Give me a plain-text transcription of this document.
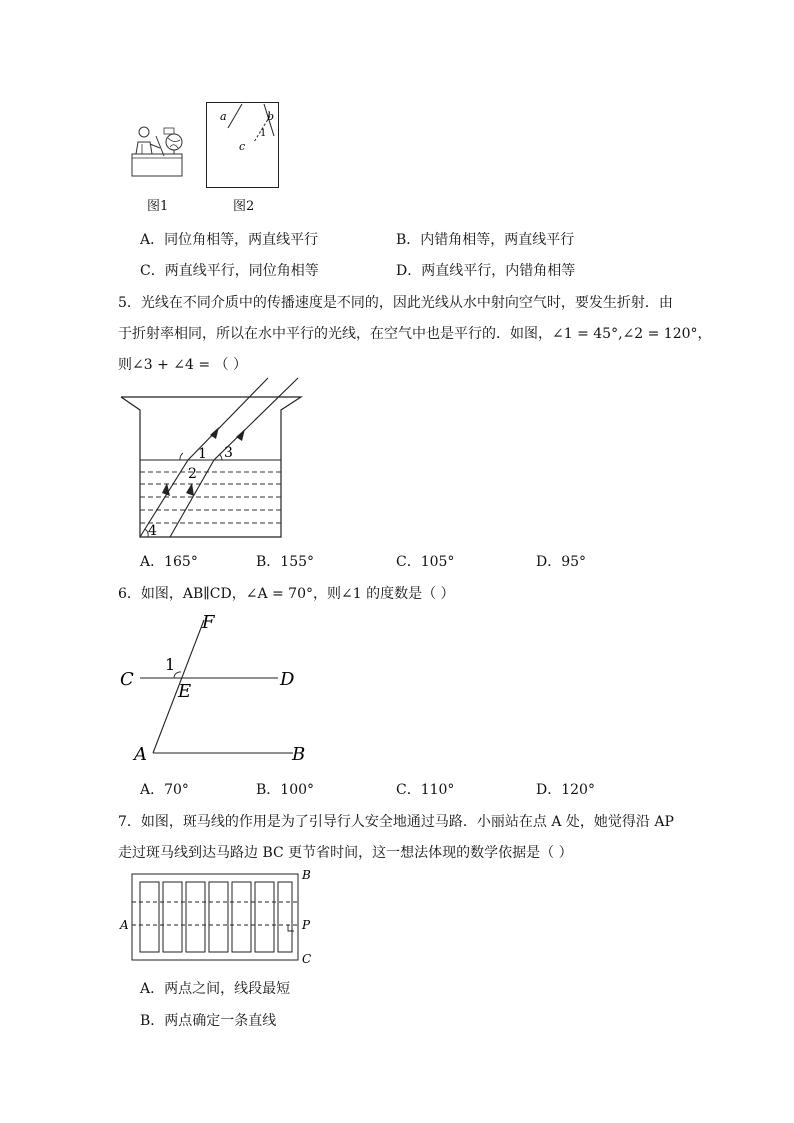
a	b
c
1
图1	图2
A．同位角相等，两直线平行	B．内错角相等，两直线平行
C．两直线平行，同位角相等	D．两直线平行，内错角相等
5．光线在不同介质中的传播速度是不同的，因此光线从水中射向空气时，要发生折射．由
于折射率相同，所以在水中平行的光线，在空气中也是平行的．如图，∠1 = 45°,∠2 = 120°，
则∠3 + ∠4 = （ ）
1
2
3
4
A．165°	B．155°	C．105°	D．95°
6．如图，AB∥CD，∠A = 70°，则∠1 的度数是（ ）
F
C	D
E
A	B
1
A．70°	B．100°	C．110°	D．120°
7．如图，斑马线的作用是为了引导行人安全地通过马路．小丽站在点 A 处，她觉得沿 AP
走过斑马线到达马路边 BC 更节省时间，这一想法体现的数学依据是（ ）
A
B
P
C
A．两点之间，线段最短
B．两点确定一条直线
